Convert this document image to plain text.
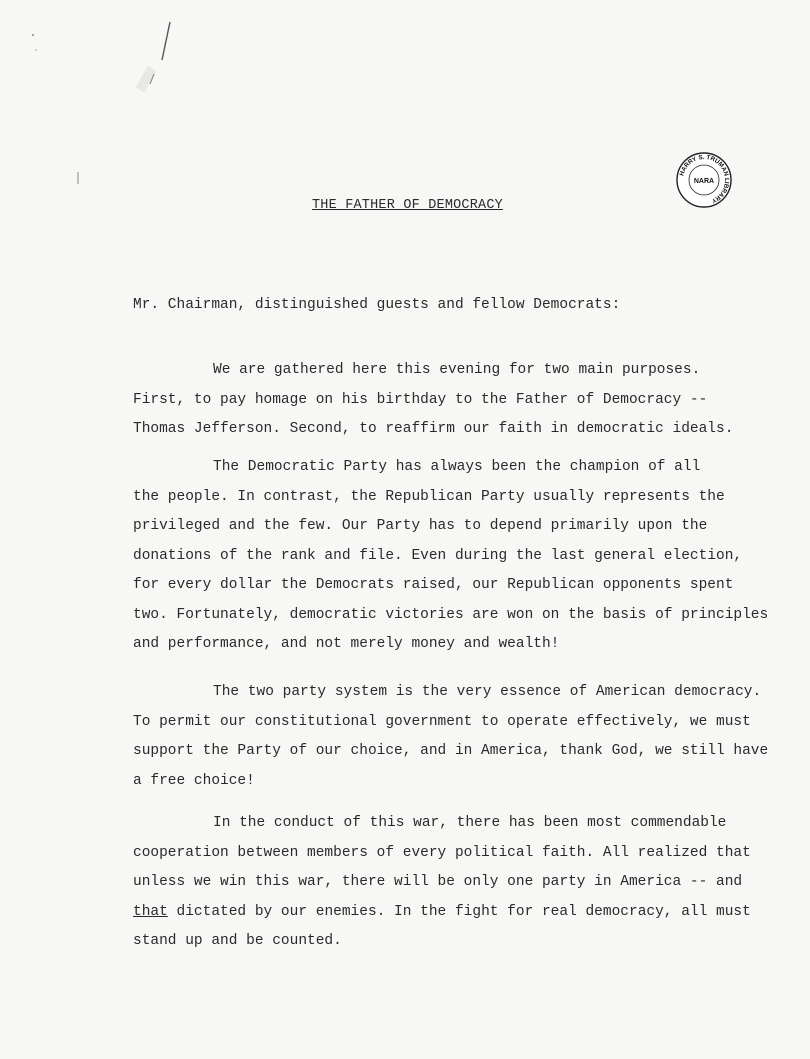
HARRY S. TRUMAN LIBRARY
NARA
THE FATHER OF DEMOCRACY
Mr. Chairman, distinguished guests and fellow Democrats:
We are gathered here this evening for two main purposes.
First, to pay homage on his birthday to the Father of Democracy --
Thomas Jefferson. Second, to reaffirm our faith in democratic ideals.
The Democratic Party has always been the champion of all
the people. In contrast, the Republican Party usually represents the
privileged and the few. Our Party has to depend primarily upon the
donations of the rank and file. Even during the last general election,
for every dollar the Democrats raised, our Republican opponents spent
two. Fortunately, democratic victories are won on the basis of principles
and performance, and not merely money and wealth!
The two party system is the very essence of American democracy.
To permit our constitutional government to operate effectively, we must
support the Party of our choice, and in America, thank God, we still have
a free choice!
In the conduct of this war, there has been most commendable
cooperation between members of every political faith. All realized that
unless we win this war, there will be only one party in America -- and
that dictated by our enemies. In the fight for real democracy, all must
stand up and be counted.
